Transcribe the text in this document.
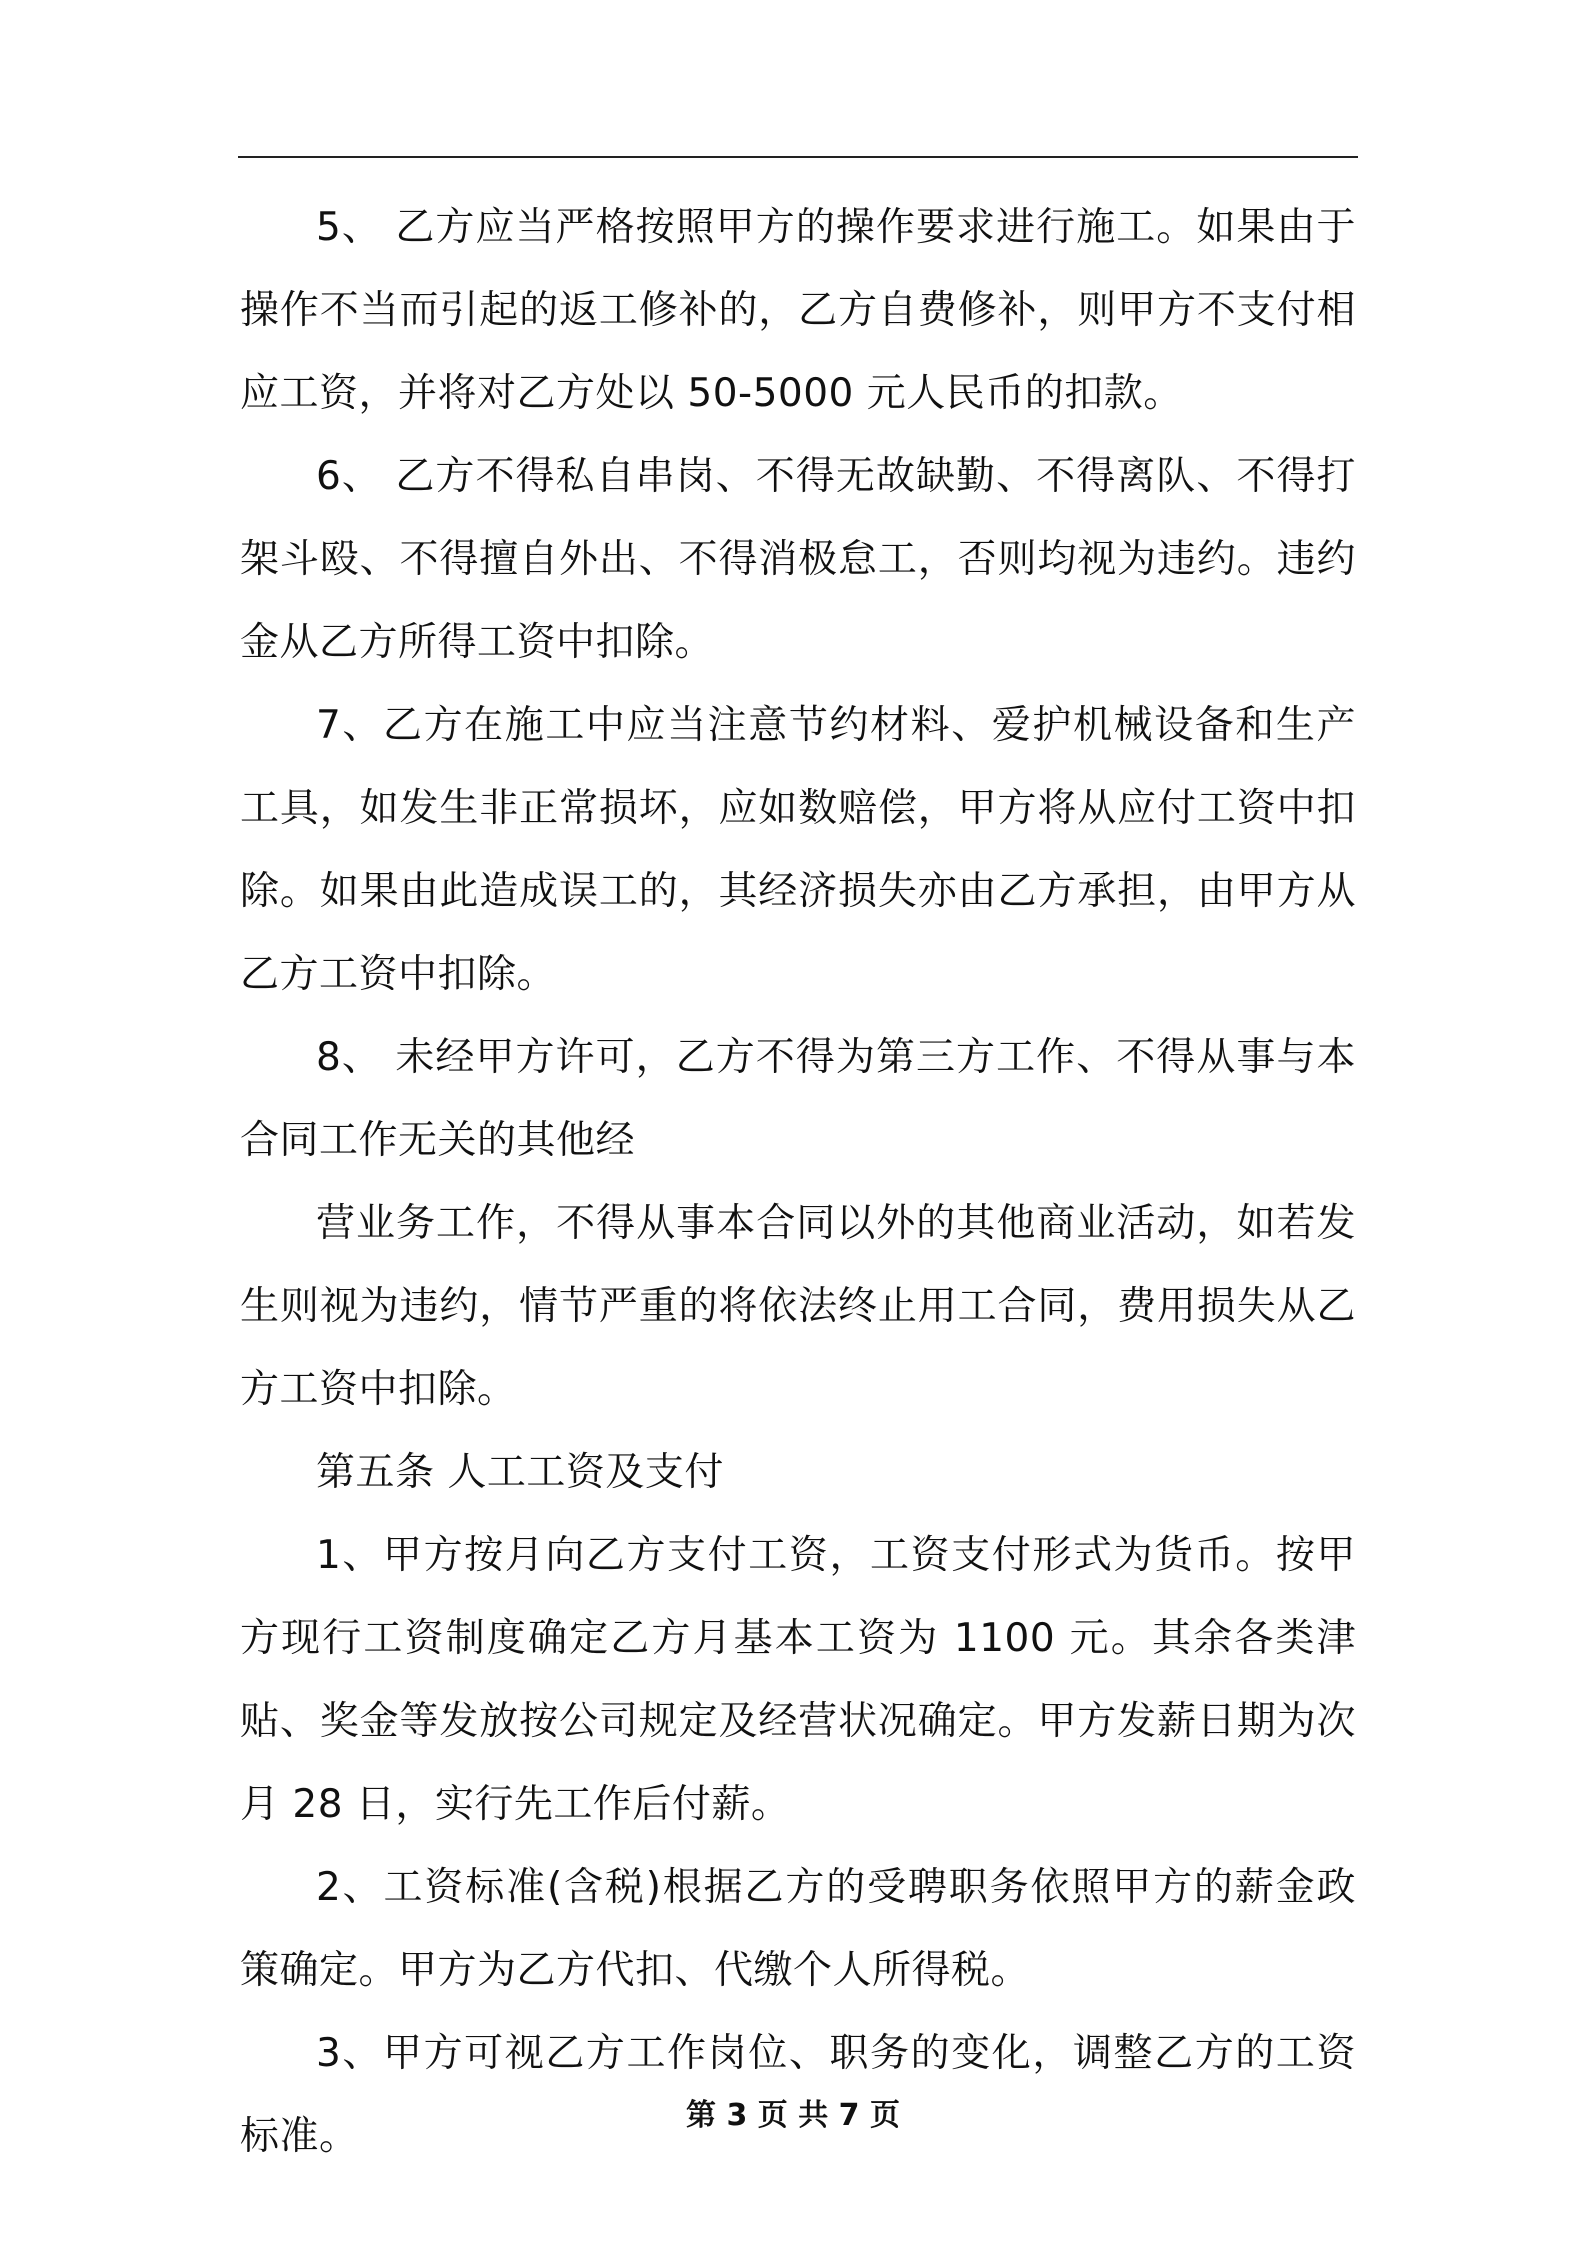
5、 乙方应当严格按照甲方的操作要求进行施工。如果由于操作不当而引起的返工修补的，乙方自费修补，则甲方不支付相应工资，并将对乙方处以 50-5000 元人民币的扣款。

6、 乙方不得私自串岗、不得无故缺勤、不得离队、不得打架斗殴、不得擅自外出、不得消极怠工，否则均视为违约。违约金从乙方所得工资中扣除。

7、乙方在施工中应当注意节约材料、爱护机械设备和生产工具，如发生非正常损坏，应如数赔偿，甲方将从应付工资中扣除。如果由此造成误工的，其经济损失亦由乙方承担，由甲方从乙方工资中扣除。

8、 未经甲方许可，乙方不得为第三方工作、不得从事与本合同工作无关的其他经

营业务工作，不得从事本合同以外的其他商业活动，如若发生则视为违约，情节严重的将依法终止用工合同，费用损失从乙方工资中扣除。

第五条 人工工资及支付

1、甲方按月向乙方支付工资，工资支付形式为货币。按甲方现行工资制度确定乙方月基本工资为 1100 元。其余各类津贴、奖金等发放按公司规定及经营状况确定。甲方发薪日期为次月 28 日，实行先工作后付薪。

2、工资标准(含税)根据乙方的受聘职务依照甲方的薪金政策确定。甲方为乙方代扣、代缴个人所得税。

3、甲方可视乙方工作岗位、职务的变化，调整乙方的工资标准。	第 3 页 共 7 页
